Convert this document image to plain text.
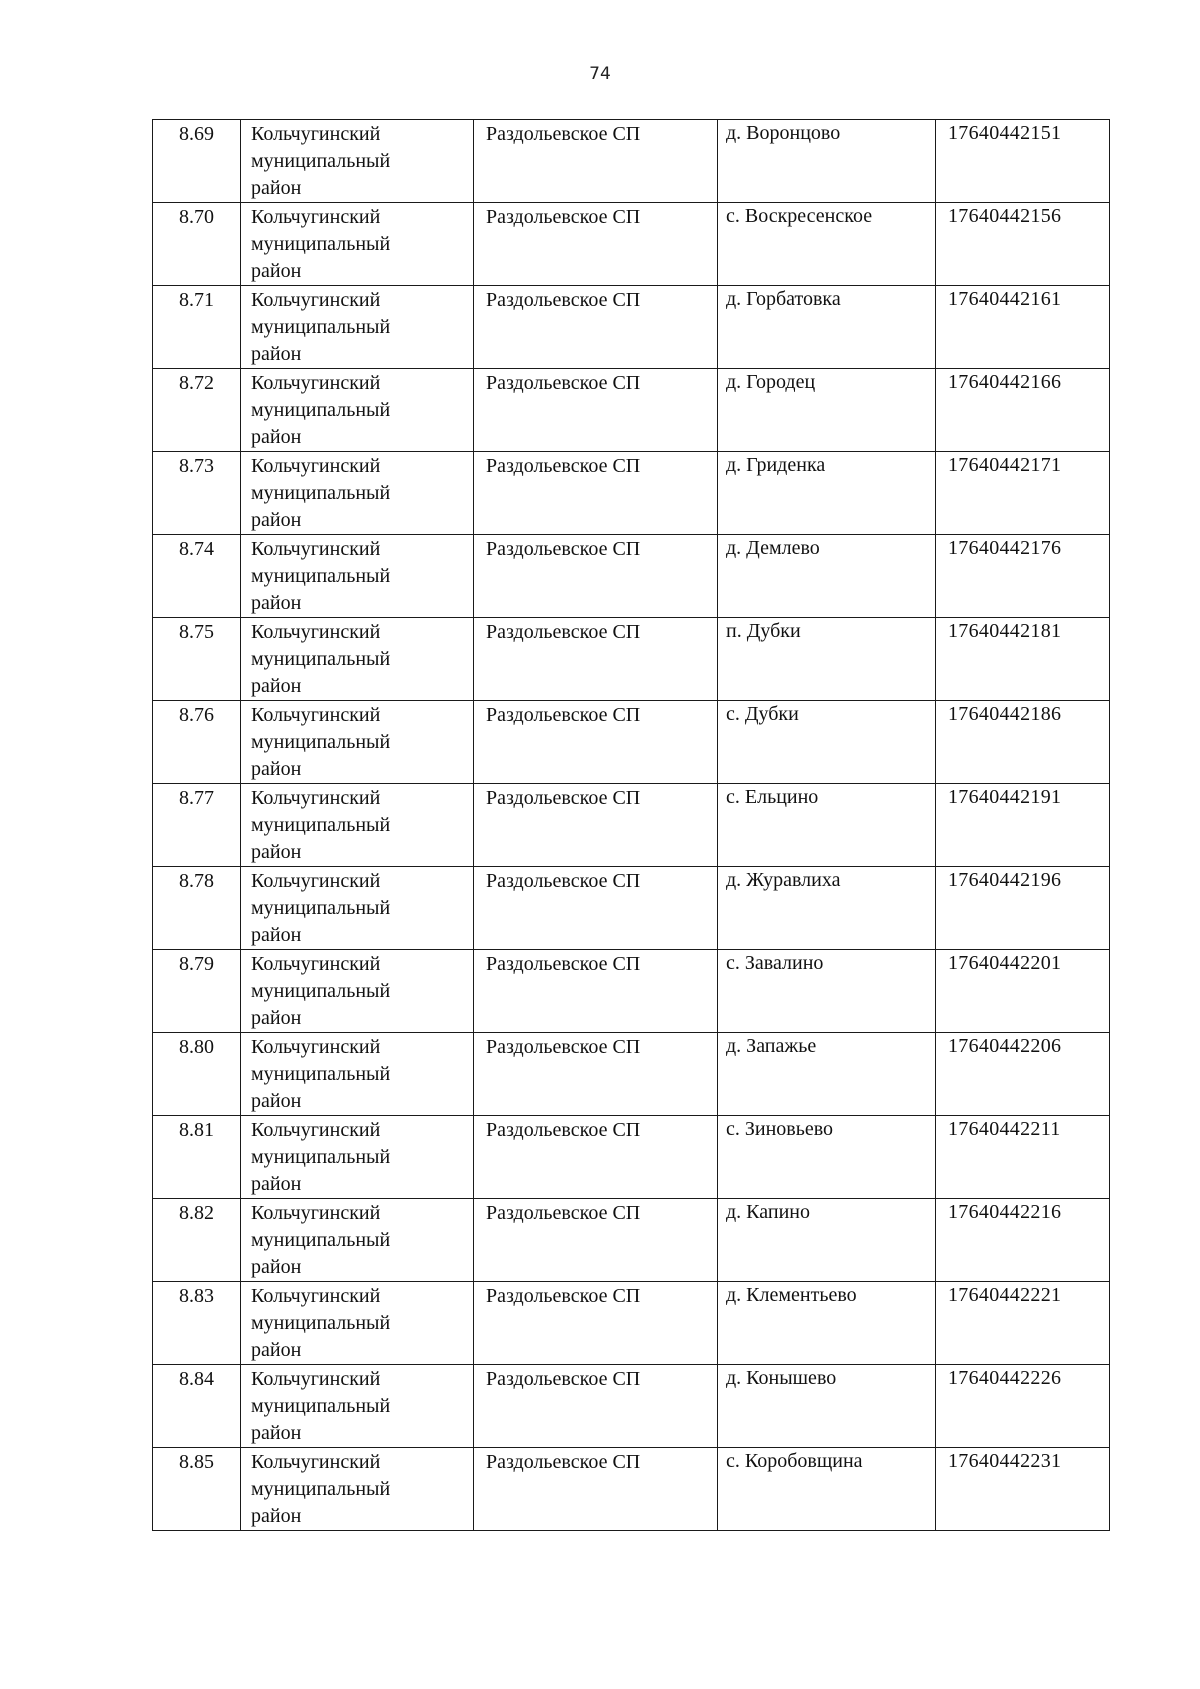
74
8.69	Кольчугинский
муниципальный
район	Раздольевское СП	д. Воронцово	17640442151

8.70	Кольчугинский
муниципальный
район	Раздольевское СП	с. Воскресенское	17640442156

8.71	Кольчугинский
муниципальный
район	Раздольевское СП	д. Горбатовка	17640442161

8.72	Кольчугинский
муниципальный
район	Раздольевское СП	д. Городец	17640442166

8.73	Кольчугинский
муниципальный
район	Раздольевское СП	д. Гриденка	17640442171

8.74	Кольчугинский
муниципальный
район	Раздольевское СП	д. Демлево	17640442176

8.75	Кольчугинский
муниципальный
район	Раздольевское СП	п. Дубки	17640442181

8.76	Кольчугинский
муниципальный
район	Раздольевское СП	с. Дубки	17640442186

8.77	Кольчугинский
муниципальный
район	Раздольевское СП	с. Ельцино	17640442191

8.78	Кольчугинский
муниципальный
район	Раздольевское СП	д. Журавлиха	17640442196

8.79	Кольчугинский
муниципальный
район	Раздольевское СП	с. Завалино	17640442201

8.80	Кольчугинский
муниципальный
район	Раздольевское СП	д. Запажье	17640442206

8.81	Кольчугинский
муниципальный
район	Раздольевское СП	с. Зиновьево	17640442211

8.82	Кольчугинский
муниципальный
район	Раздольевское СП	д. Капино	17640442216

8.83	Кольчугинский
муниципальный
район	Раздольевское СП	д. Клементьево	17640442221

8.84	Кольчугинский
муниципальный
район	Раздольевское СП	д. Конышево	17640442226

8.85	Кольчугинский
муниципальный
район	Раздольевское СП	с. Коробовщина	17640442231
